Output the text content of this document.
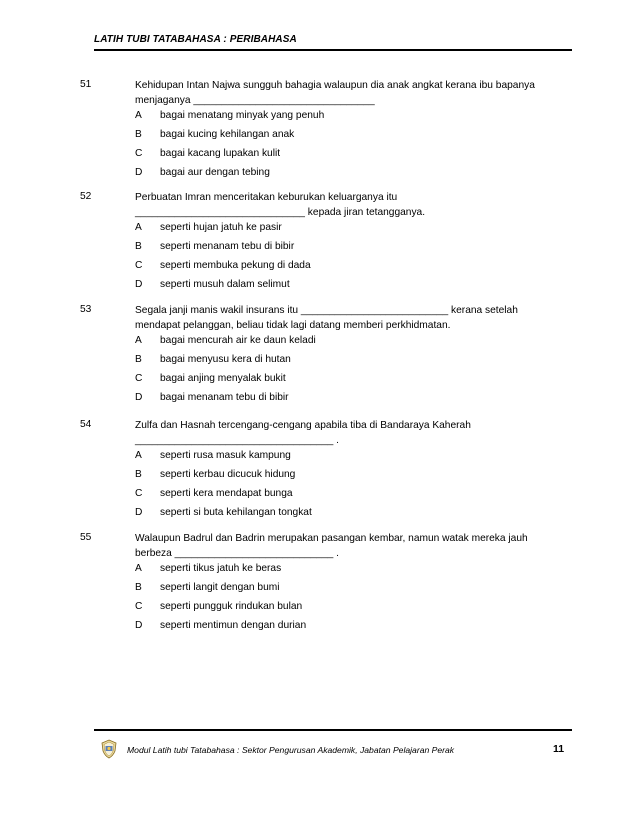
LATIH TUBI TATABAHASA : PERIBAHASA
51	Kehidupan Intan Najwa sungguh bahagia walaupun dia anak angkat kerana ibu bapanya menjaganya ________________________________
A bagai menatang minyak yang penuh
B bagai kucing kehilangan anak
C bagai kacang lupakan kulit
D bagai aur dengan tebing
52	Perbuatan Imran menceritakan keburukan keluarganya itu ______________________________ kepada jiran tetangganya.
A seperti hujan jatuh ke pasir
B seperti menanam tebu di bibir
C seperti membuka pekung di dada
D seperti musuh dalam selimut
53	Segala janji manis wakil insurans itu __________________________ kerana setelah mendapat pelanggan, beliau tidak lagi datang memberi perkhidmatan.
A bagai mencurah air ke daun keladi
B bagai menyusu kera di hutan
C bagai anjing menyalak bukit
D bagai menanam tebu di bibir
54	Zulfa dan Hasnah tercengang-cengang apabila tiba di Bandaraya Kaherah ___________________________________ .
A seperti rusa masuk kampung
B seperti kerbau dicucuk hidung
C seperti kera mendapat bunga
D seperti si buta kehilangan tongkat
55	Walaupun Badrul dan Badrin merupakan pasangan kembar, namun watak mereka jauh berbeza ____________________________ .
A seperti tikus jatuh ke beras
B seperti langit dengan bumi
C seperti pungguk rindukan bulan
D seperti mentimun dengan durian
Modul Latih tubi Tatabahasa : Sektor Pengurusan Akademik, Jabatan Pelajaran Perak	11
